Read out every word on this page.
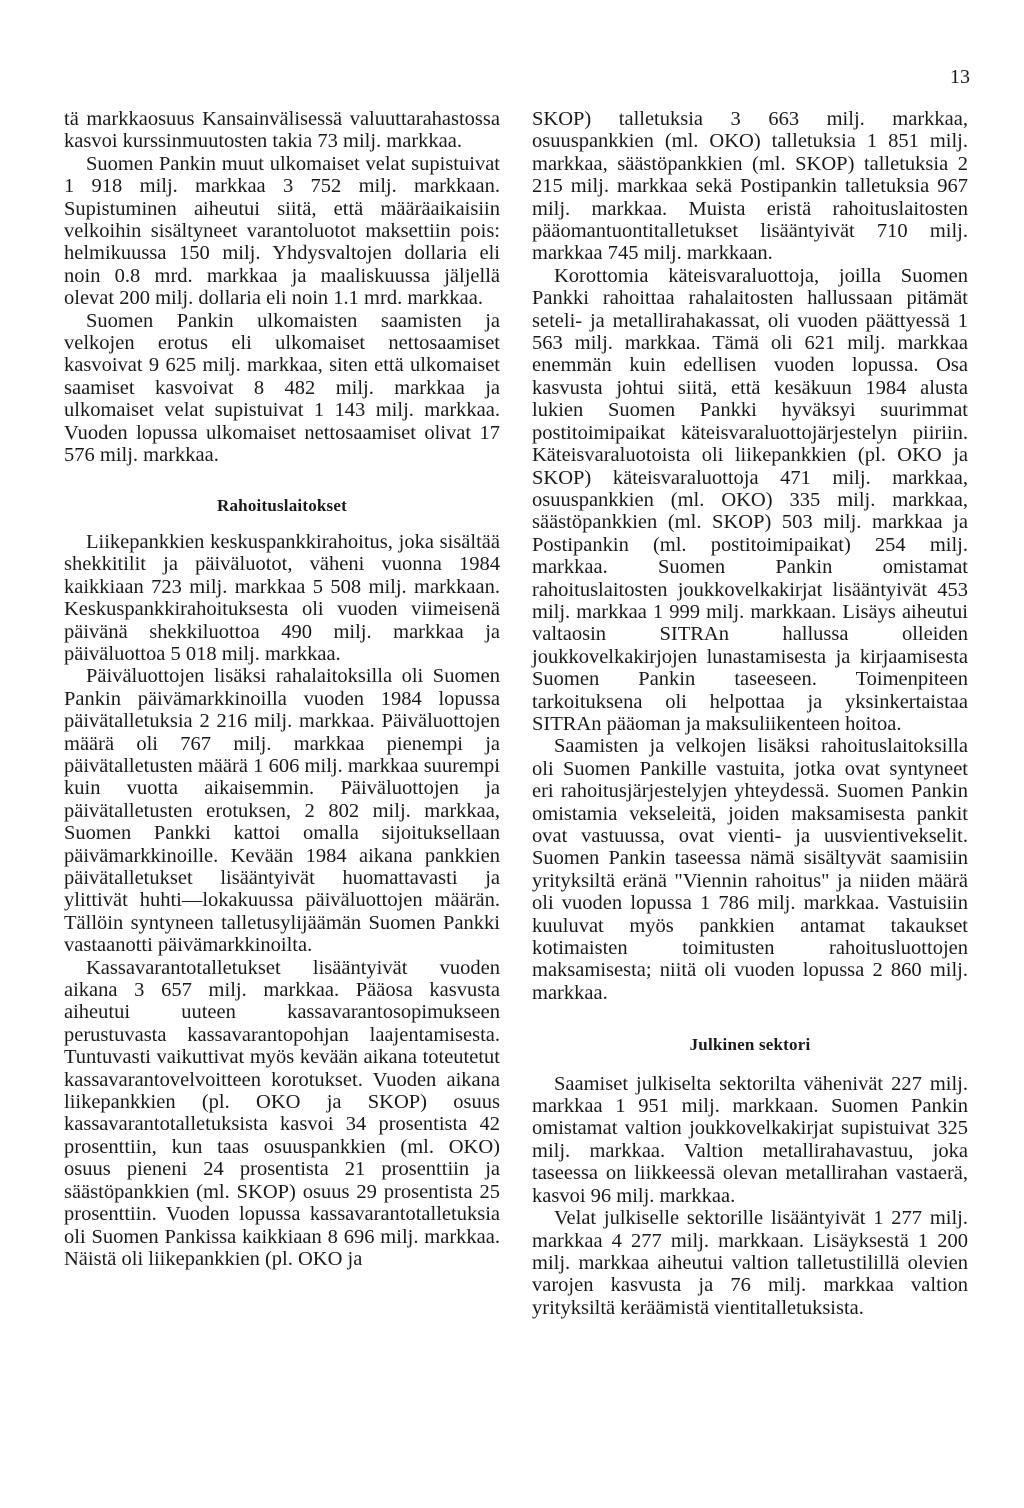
13

tä markkaosuus Kansainvälisessä valuuttarahastossa kasvoi kurssinmuutosten takia 73 milj. markkaa.

Suomen Pankin muut ulkomaiset velat supistuivat 1 918 milj. markkaa 3 752 milj. markkaan. Supistuminen aiheutui siitä, että määräaikaisiin velkoihin sisältyneet varantoluotot maksettiin pois: helmikuussa 150 milj. Yhdysvaltojen dollaria eli noin 0.8 mrd. markkaa ja maaliskuussa jäljellä olevat 200 milj. dollaria eli noin 1.1 mrd. markkaa.

Suomen Pankin ulkomaisten saamisten ja velkojen erotus eli ulkomaiset nettosaamiset kasvoivat 9 625 milj. markkaa, siten että ulkomaiset saamiset kasvoivat 8 482 milj. markkaa ja ulkomaiset velat supistuivat 1 143 milj. markkaa. Vuoden lopussa ulkomaiset nettosaamiset olivat 17 576 milj. markkaa.

Rahoituslaitokset

Liikepankkien keskuspankkirahoitus, joka sisältää shekkitilit ja päiväluotot, väheni vuonna 1984 kaikkiaan 723 milj. markkaa 5 508 milj. markkaan. Keskuspankkirahoituksesta oli vuoden viimeisenä päivänä shekkiluottoa 490 milj. markkaa ja päiväluottoa 5 018 milj. markkaa.

Päiväluottojen lisäksi rahalaitoksilla oli Suomen Pankin päivämarkkinoilla vuoden 1984 lopussa päivätalletuksia 2 216 milj. markkaa. Päiväluottojen määrä oli 767 milj. markkaa pienempi ja päivätalletusten määrä 1 606 milj. markkaa suurempi kuin vuotta aikaisemmin. Päiväluottojen ja päivätalletusten erotuksen, 2 802 milj. markkaa, Suomen Pankki kattoi omalla sijoituksellaan päivämarkkinoille. Kevään 1984 aikana pankkien päivätalletukset lisääntyivät huomattavasti ja ylittivät huhti—lokakuussa päiväluottojen määrän. Tällöin syntyneen talletusylijäämän Suomen Pankki vastaanotti päivämarkkinoilta.

Kassavarantotalletukset lisääntyivät vuoden aikana 3 657 milj. markkaa. Pääosa kasvusta aiheutui uuteen kassavarantosopimukseen perustuvasta kassavarantopohjan laajentamisesta. Tuntuvasti vaikuttivat myös kevään aikana toteutetut kassavarantovelvoitteen korotukset. Vuoden aikana liikepankkien (pl. OKO ja SKOP) osuus kassavarantotalletuksista kasvoi 34 prosentista 42 prosenttiin, kun taas osuuspankkien (ml. OKO) osuus pieneni 24 prosentista 21 prosenttiin ja säästöpankkien (ml. SKOP) osuus 29 prosentista 25 prosenttiin. Vuoden lopussa kassavarantotalletuksia oli Suomen Pankissa kaikkiaan 8 696 milj. markkaa. Näistä oli liikepankkien (pl. OKO ja

SKOP) talletuksia 3 663 milj. markkaa, osuuspankkien (ml. OKO) talletuksia 1 851 milj. markkaa, säästöpankkien (ml. SKOP) talletuksia 2 215 milj. markkaa sekä Postipankin talletuksia 967 milj. markkaa. Muista eristä rahoituslaitosten pääomantuontitalletukset lisääntyivät 710 milj. markkaa 745 milj. markkaan.

Korottomia käteisvaraluottoja, joilla Suomen Pankki rahoittaa rahalaitosten hallussaan pitämät seteli- ja metallirahakassat, oli vuoden päättyessä 1 563 milj. markkaa. Tämä oli 621 milj. markkaa enemmän kuin edellisen vuoden lopussa. Osa kasvusta johtui siitä, että kesäkuun 1984 alusta lukien Suomen Pankki hyväksyi suurimmat postitoimipaikat käteisvaraluottojärjestelyn piiriin. Käteisvaraluotoista oli liikepankkien (pl. OKO ja SKOP) käteisvaraluottoja 471 milj. markkaa, osuuspankkien (ml. OKO) 335 milj. markkaa, säästöpankkien (ml. SKOP) 503 milj. markkaa ja Postipankin (ml. postitoimipaikat) 254 milj. markkaa. Suomen Pankin omistamat rahoituslaitosten joukkovelkakirjat lisääntyivät 453 milj. markkaa 1 999 milj. markkaan. Lisäys aiheutui valtaosin SITRAn hallussa olleiden joukkovelkakirjojen lunastamisesta ja kirjaamisesta Suomen Pankin taseeseen. Toimenpiteen tarkoituksena oli helpottaa ja yksinkertaistaa SITRAn pääoman ja maksuliikenteen hoitoa.

Saamisten ja velkojen lisäksi rahoituslaitoksilla oli Suomen Pankille vastuita, jotka ovat syntyneet eri rahoitusjärjestelyjen yhteydessä. Suomen Pankin omistamia vekseleitä, joiden maksamisesta pankit ovat vastuussa, ovat vienti- ja uusvientivekselit. Suomen Pankin taseessa nämä sisältyvät saamisiin yrityksiltä eränä "Viennin rahoitus" ja niiden määrä oli vuoden lopussa 1 786 milj. markkaa. Vastuisiin kuuluvat myös pankkien antamat takaukset kotimaisten toimitusten rahoitusluottojen maksamisesta; niitä oli vuoden lopussa 2 860 milj. markkaa.

Julkinen sektori

Saamiset julkiselta sektorilta vähenivät 227 milj. markkaa 1 951 milj. markkaan. Suomen Pankin omistamat valtion joukkovelkakirjat supistuivat 325 milj. markkaa. Valtion metallirahavastuu, joka taseessa on liikkeessä olevan metallirahan vastaerä, kasvoi 96 milj. markkaa.

Velat julkiselle sektorille lisääntyivät 1 277 milj. markkaa 4 277 milj. markkaan. Lisäyksestä 1 200 milj. markkaa aiheutui valtion talletustilillä olevien varojen kasvusta ja 76 milj. markkaa valtion yrityksiltä keräämistä vientitalletuksista.
